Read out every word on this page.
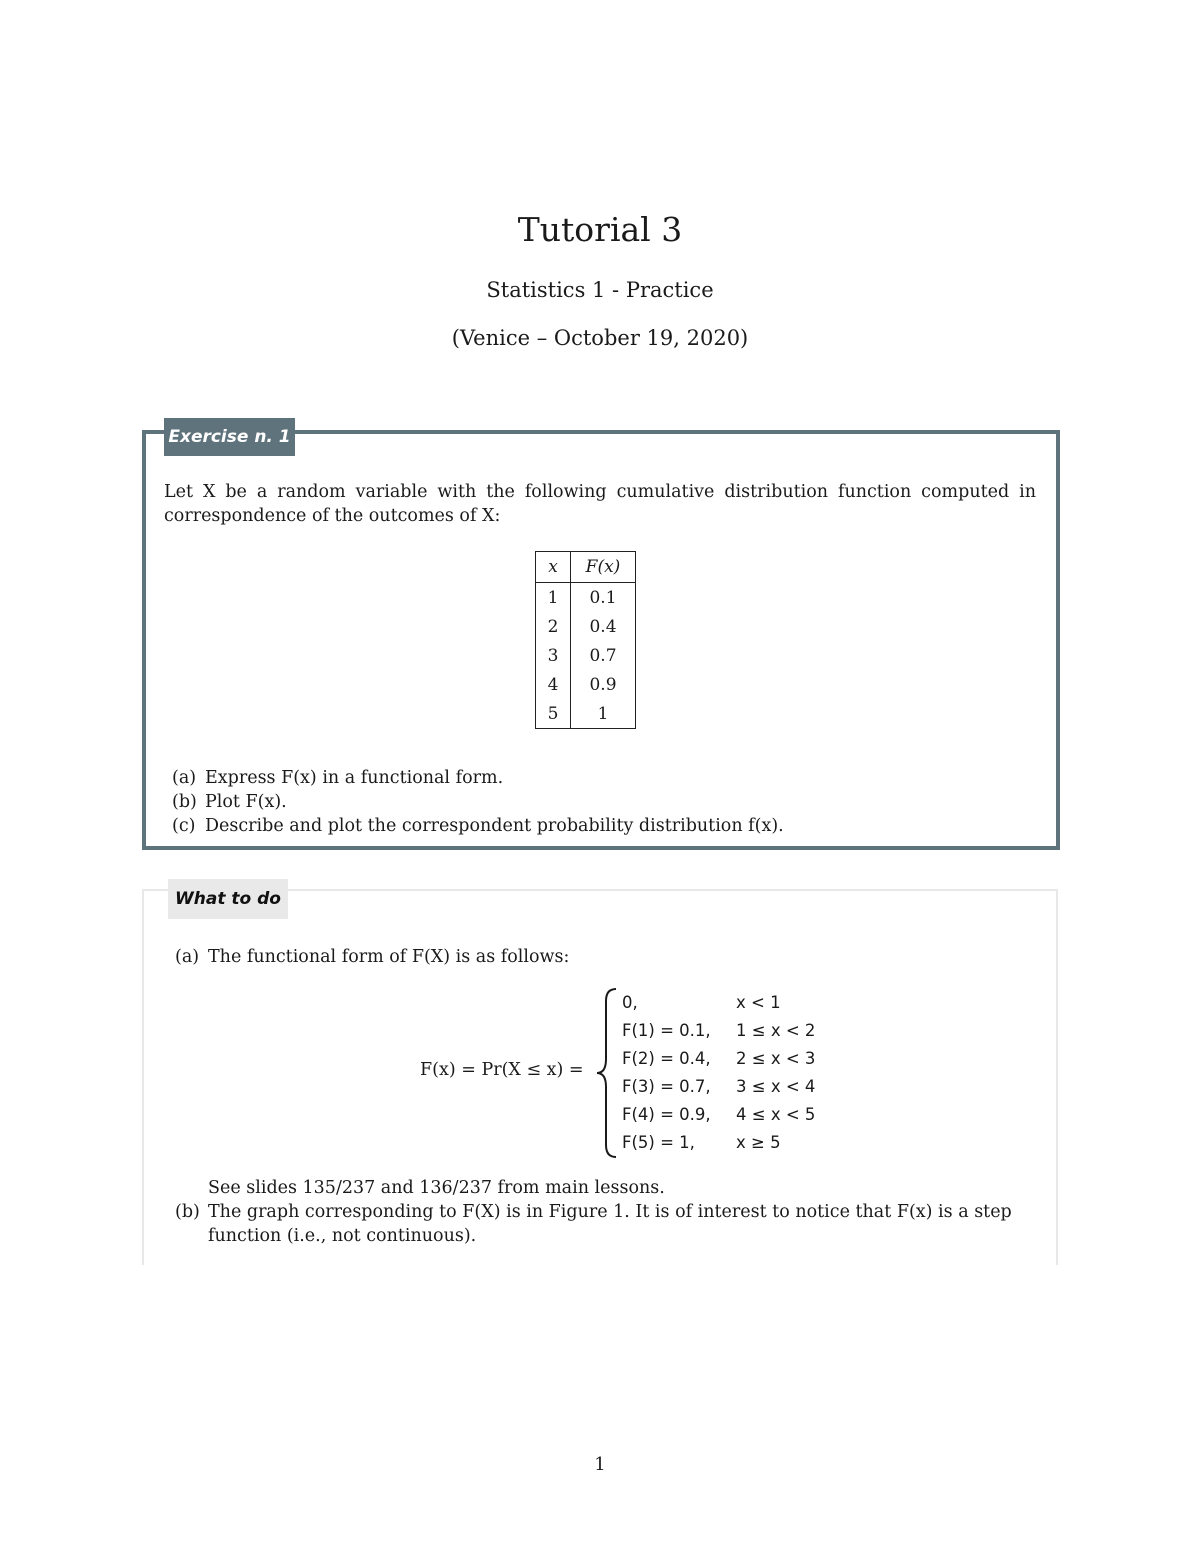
Tutorial 3
Statistics 1 - Practice
(Venice – October 19, 2020)
Exercise n. 1
Let X be a random variable with the following cumulative distribution function computed in correspondence of the outcomes of X:
x	F(x)
1	0.1
2	0.4
3	0.7
4	0.9
5	1
(a) Express F(x) in a functional form.
(b) Plot F(x).
(c) Describe and plot the correspondent probability distribution f(x).
What to do
(a) The functional form of F(X) is as follows:
F(x) = Pr(X ≤ x) =
0,	x < 1
F(1) = 0.1, 1 ≤ x < 2
F(2) = 0.4, 2 ≤ x < 3
F(3) = 0.7, 3 ≤ x < 4
F(4) = 0.9, 4 ≤ x < 5
F(5) = 1, x ≥ 5
See slides 135/237 and 136/237 from main lessons.
(b) The graph corresponding to F(X) is in Figure 1. It is of interest to notice that F(x) is a step
function (i.e., not continuous).
1
